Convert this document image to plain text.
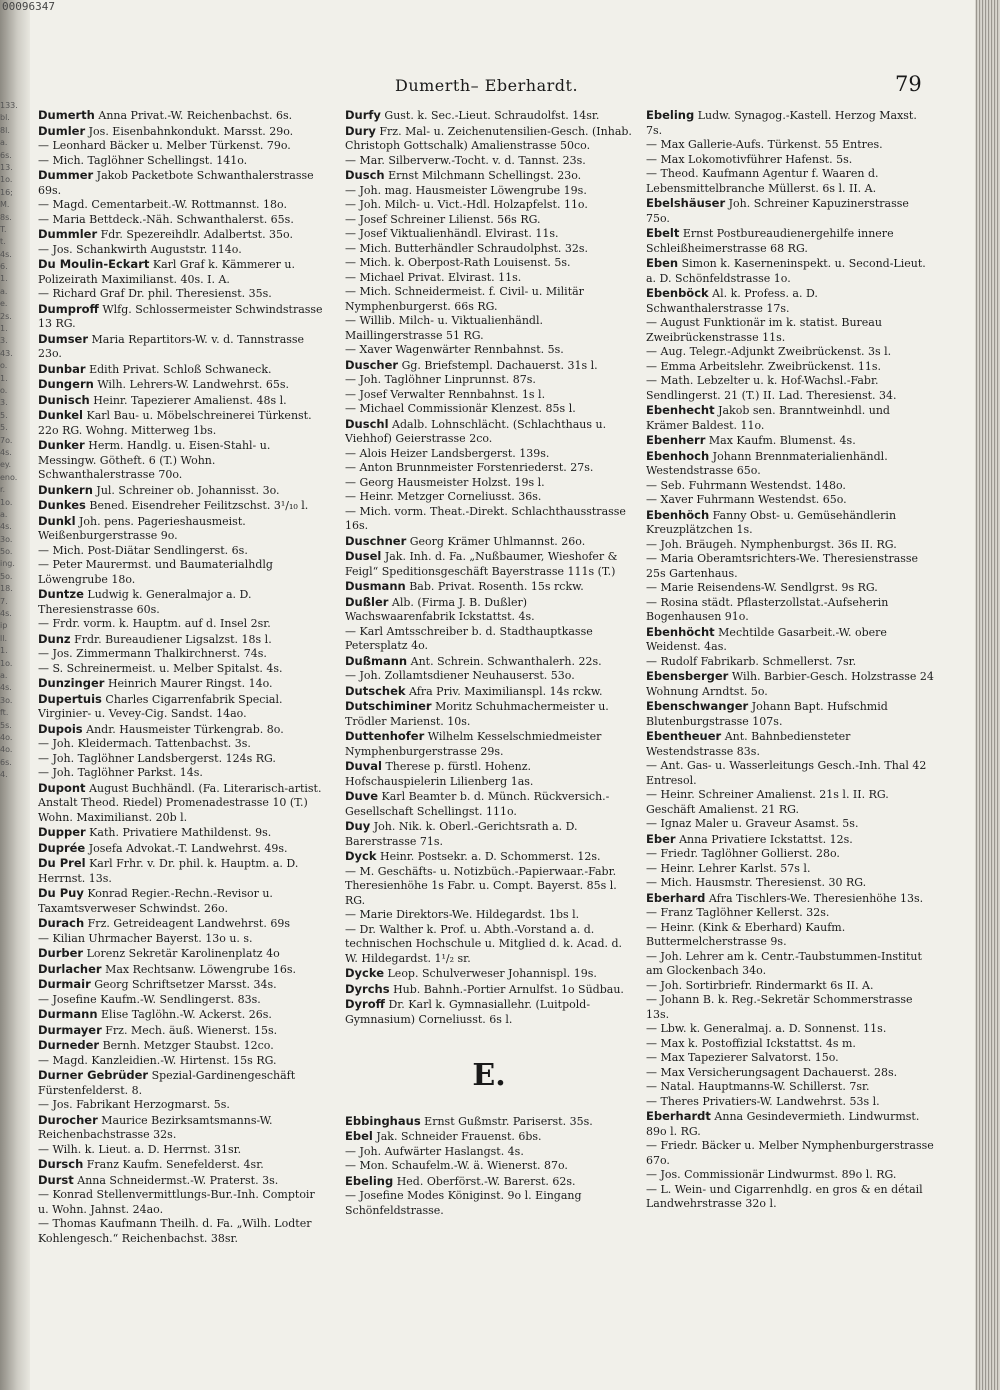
133.
bl.
8l.
a.
6s.
13.
1o.
16;
M.
8s.
T.
t.
4s.
6.
1.
a.
e.
2s.
1.
3.
43.
o.
1.
o.
3.
5.
5.
7o.
4s.
ey.
eno.
r.
1o.
a.
4s.
3o.
5o.
ing.
5o.
18.
7.
4s.
ip
ll.
1.
1o.
a.
4s.
3o.
ft.
5s.
4o.
4o.
6s.
4.
00096347
Dumerth– Eberhardt.	79

Dumerth Anna Privat.-W. Reichenbachst. 6s.

Dumler Jos. Eisenbahnkondukt. Marsst. 29o.

— Leonhard Bäcker u. Melber Türkenst. 79o.

— Mich. Taglöhner Schellingst. 141o.

Dummer Jakob Packetbote Schwanthalerstrasse 69s.

— Magd. Cementarbeit.-W. Rottmannst. 18o.

— Maria Bettdeck.-Näh. Schwanthalerst. 65s.

Dummler Fdr. Spezereihdlr. Adalbertst. 35o.

— Jos. Schankwirth Auguststr. 114o.

Du Moulin-Eckart Karl Graf k. Kämmerer u. Polizeirath Maximilianst. 40s. I. A.

— Richard Graf Dr. phil. Theresienst. 35s.

Dumproff Wlfg. Schlossermeister Schwindstrasse 13 RG.

Dumser Maria Repartitors-W. v. d. Tannstrasse 23o.

Dunbar Edith Privat. Schloß Schwaneck.

Dungern Wilh. Lehrers-W. Landwehrst. 65s.

Dunisch Heinr. Tapezierer Amalienst. 48s l.

Dunkel Karl Bau- u. Möbelschreinerei Türkenst. 22o RG. Wohng. Mitterweg 1bs.

Dunker Herm. Handlg. u. Eisen-Stahl- u. Messingw. Götheft. 6 (T.) Wohn. Schwanthalerstrasse 70o.

Dunkern Jul. Schreiner ob. Johannisst. 3o.

Dunkes Bened. Eisendreher Feilitzschst. 3¹/₁₀ l.

Dunkl Joh. pens. Pagerieshausmeist. Weißenburgerstrasse 9o.

— Mich. Post-Diätar Sendlingerst. 6s.

— Peter Maurermst. und Baumaterialhdlg Löwengrube 18o.

Duntze Ludwig k. Generalmajor a. D. Theresienstrasse 60s.

— Frdr. vorm. k. Hauptm. auf d. Insel 2sr.

Dunz Frdr. Bureaudiener Ligsalzst. 18s l.

— Jos. Zimmermann Thalkirchnerst. 74s.

— S. Schreinermeist. u. Melber Spitalst. 4s.

Dunzinger Heinrich Maurer Ringst. 14o.

Dupertuis Charles Cigarrenfabrik Special. Virginier- u. Vevey-Cig. Sandst. 14ao.

Dupois Andr. Hausmeister Türkengrab. 8o.

— Joh. Kleidermach. Tattenbachst. 3s.

— Joh. Taglöhner Landsbergerst. 124s RG.

— Joh. Taglöhner Parkst. 14s.

Dupont August Buchhändl. (Fa. Literarisch-artist. Anstalt Theod. Riedel) Promenadestrasse 10 (T.) Wohn. Maximilianst. 20b l.

Dupper Kath. Privatiere Mathildenst. 9s.

Duprée Josefa Advokat.-T. Landwehrst. 49s.

Du Prel Karl Frhr. v. Dr. phil. k. Hauptm. a. D. Herrnst. 13s.

Du Puy Konrad Regier.-Rechn.-Revisor u. Taxamtsverweser Schwindst. 26o.

Durach Frz. Getreideagent Landwehrst. 69s

— Kilian Uhrmacher Bayerst. 13o u. s.

Durber Lorenz Sekretär Karolinenplatz 4o

Durlacher Max Rechtsanw. Löwengrube 16s.

Durmair Georg Schriftsetzer Marsst. 34s.

— Josefine Kaufm.-W. Sendlingerst. 83s.

Durmann Elise Taglöhn.-W. Ackerst. 26s.

Durmayer Frz. Mech. äuß. Wienerst. 15s.

Durneder Bernh. Metzger Staubst. 12co.

— Magd. Kanzleidien.-W. Hirtenst. 15s RG.

Durner Gebrüder Spezial-Gardinengeschäft Fürstenfelderst. 8.

— Jos. Fabrikant Herzogmarst. 5s.

Durocher Maurice Bezirksamtsmanns-W. Reichenbachstrasse 32s.

— Wilh. k. Lieut. a. D. Herrnst. 31sr.

Dursch Franz Kaufm. Senefelderst. 4sr.

Durst Anna Schneidermst.-W. Praterst. 3s.

— Konrad Stellenvermittlungs-Bur.-Inh. Comptoir u. Wohn. Jahnst. 24ao.

— Thomas Kaufmann Theilh. d. Fa. „Wilh. Lodter Kohlengesch.“ Reichenbachst. 38sr.

Durfy Gust. k. Sec.-Lieut. Schraudolfst. 14sr.

Dury Frz. Mal- u. Zeichenutensilien-Gesch. (Inhab. Christoph Gottschalk) Amalienstrasse 50co.

— Mar. Silberverw.-Tocht. v. d. Tannst. 23s.

Dusch Ernst Milchmann Schellingst. 23o.

— Joh. mag. Hausmeister Löwengrube 19s.

— Joh. Milch- u. Vict.-Hdl. Holzapfelst. 11o.

— Josef Schreiner Lilienst. 56s RG.

— Josef Viktualienhändl. Elvirast. 11s.

— Mich. Butterhändler Schraudolphst. 32s.

— Mich. k. Oberpost-Rath Louisenst. 5s.

— Michael Privat. Elvirast. 11s.

— Mich. Schneidermeist. f. Civil- u. Militär Nymphenburgerst. 66s RG.

— Willib. Milch- u. Viktualienhändl. Maillingerstrasse 51 RG.

— Xaver Wagenwärter Rennbahnst. 5s.

Duscher Gg. Briefstempl. Dachauerst. 31s l.

— Joh. Taglöhner Linprunnst. 87s.

— Josef Verwalter Rennbahnst. 1s l.

— Michael Commissionär Klenzest. 85s l.

Duschl Adalb. Lohnschlächt. (Schlachthaus u. Viehhof) Geierstrasse 2co.

— Alois Heizer Landsbergerst. 139s.

— Anton Brunnmeister Forstenriederst. 27s.

— Georg Hausmeister Holzst. 19s l.

— Heinr. Metzger Corneliusst. 36s.

— Mich. vorm. Theat.-Direkt. Schlachthausstrasse 16s.

Duschner Georg Krämer Uhlmannst. 26o.

Dusel Jak. Inh. d. Fa. „Nußbaumer, Wieshofer & Feigl“ Speditionsgeschäft Bayerstrasse 111s (T.)

Dusmann Bab. Privat. Rosenth. 15s rckw.

Dußler Alb. (Firma J. B. Dußler) Wachswaarenfabrik Ickstattst. 4s.

— Karl Amtsschreiber b. d. Stadthauptkasse Petersplatz 4o.

Dußmann Ant. Schrein. Schwanthalerh. 22s.

— Joh. Zollamtsdiener Neuhauserst. 53o.

Dutschek Afra Priv. Maximilianspl. 14s rckw.

Dutschiminer Moritz Schuhmachermeister u. Trödler Marienst. 10s.

Duttenhofer Wilhelm Kesselschmiedmeister Nymphenburgerstrasse 29s.

Duval Therese p. fürstl. Hohenz. Hofschauspielerin Lilienberg 1as.

Duve Karl Beamter b. d. Münch. Rückversich.-Gesellschaft Schellingst. 111o.

Duy Joh. Nik. k. Oberl.-Gerichtsrath a. D. Barerstrasse 71s.

Dyck Heinr. Postsekr. a. D. Schommerst. 12s.

— M. Geschäfts- u. Notizbüch.-Papierwaar.-Fabr. Theresienhöhe 1s Fabr. u. Compt. Bayerst. 85s l. RG.

— Marie Direktors-We. Hildegardst. 1bs l.

— Dr. Walther k. Prof. u. Abth.-Vorstand a. d. technischen Hochschule u. Mitglied d. k. Acad. d. W. Hildegardst. 1¹/₂ sr.

Dycke Leop. Schulverweser Johannispl. 19s.

Dyrchs Hub. Bahnh.-Portier Arnulfst. 1o Südbau.

Dyroff Dr. Karl k. Gymnasiallehr. (Luitpold-Gymnasium) Corneliusst. 6s l.

E.

Ebbinghaus Ernst Gußmstr. Pariserst. 35s.

Ebel Jak. Schneider Frauenst. 6bs.

— Joh. Aufwärter Haslangst. 4s.

— Mon. Schaufelm.-W. ä. Wienerst. 87o.

Ebeling Hed. Oberförst.-W. Barerst. 62s.

— Josefine Modes Königinst. 9o l. Eingang Schönfeldstrasse.

Ebeling Ludw. Synagog.-Kastell. Herzog Maxst. 7s.

— Max Gallerie-Aufs. Türkenst. 55 Entres.

— Max Lokomotivführer Hafenst. 5s.

— Theod. Kaufmann Agentur f. Waaren d. Lebensmittelbranche Müllerst. 6s l. II. A.

Ebelshäuser Joh. Schreiner Kapuzinerstrasse 75o.

Ebelt Ernst Postbureaudienergehilfe innere Schleißheimerstrasse 68 RG.

Eben Simon k. Kaserneninspekt. u. Second-Lieut. a. D. Schönfeldstrasse 1o.

Ebenböck Al. k. Profess. a. D. Schwanthalerstrasse 17s.

— August Funktionär im k. statist. Bureau Zweibrückenstrasse 11s.

— Aug. Telegr.-Adjunkt Zweibrückenst. 3s l.

— Emma Arbeitslehr. Zweibrückenst. 11s.

— Math. Lebzelter u. k. Hof-Wachsl.-Fabr. Sendlingerst. 21 (T.) II. Lad. Theresienst. 34.

Ebenhecht Jakob sen. Branntweinhdl. und Krämer Baldest. 11o.

Ebenherr Max Kaufm. Blumenst. 4s.

Ebenhoch Johann Brennmaterialienhändl. Westendstrasse 65o.

— Seb. Fuhrmann Westendst. 148o.

— Xaver Fuhrmann Westendst. 65o.

Ebenhöch Fanny Obst- u. Gemüsehändlerin Kreuzplätzchen 1s.

— Joh. Bräugeh. Nymphenburgst. 36s II. RG.

— Maria Oberamtsrichters-We. Theresienstrasse 25s Gartenhaus.

— Marie Reisendens-W. Sendlgrst. 9s RG.

— Rosina städt. Pflasterzollstat.-Aufseherin Bogenhausen 91o.

Ebenhöcht Mechtilde Gasarbeit.-W. obere Weidenst. 4as.

— Rudolf Fabrikarb. Schmellerst. 7sr.

Ebensberger Wilh. Barbier-Gesch. Holzstrasse 24 Wohnung Arndtst. 5o.

Ebenschwanger Johann Bapt. Hufschmid Blutenburgstrasse 107s.

Ebentheuer Ant. Bahnbediensteter Westendstrasse 83s.

— Ant. Gas- u. Wasserleitungs Gesch.-Inh. Thal 42 Entresol.

— Heinr. Schreiner Amalienst. 21s l. II. RG. Geschäft Amalienst. 21 RG.

— Ignaz Maler u. Graveur Asamst. 5s.

Eber Anna Privatiere Ickstattst. 12s.

— Friedr. Taglöhner Gollierst. 28o.

— Heinr. Lehrer Karlst. 57s l.

— Mich. Hausmstr. Theresienst. 30 RG.

Eberhard Afra Tischlers-We. Theresienhöhe 13s.

— Franz Taglöhner Kellerst. 32s.

— Heinr. (Kink & Eberhard) Kaufm. Buttermelcherstrasse 9s.

— Joh. Lehrer am k. Centr.-Taubstummen-Institut am Glockenbach 34o.

— Joh. Sortirbriefr. Rindermarkt 6s II. A.

— Johann B. k. Reg.-Sekretär Schommerstrasse 13s.

— Lbw. k. Generalmaj. a. D. Sonnenst. 11s.

— Max k. Postoffizial Ickstattst. 4s m.

— Max Tapezierer Salvatorst. 15o.

— Max Versicherungsagent Dachauerst. 28s.

— Natal. Hauptmanns-W. Schillerst. 7sr.

— Theres Privatiers-W. Landwehrst. 53s l.

Eberhardt Anna Gesindevermieth. Lindwurmst. 89o l. RG.

— Friedr. Bäcker u. Melber Nymphenburgerstrasse 67o.

— Jos. Commissionär Lindwurmst. 89o l. RG.

— L. Wein- und Cigarrenhdlg. en gros & en détail Landwehrstrasse 32o l.
